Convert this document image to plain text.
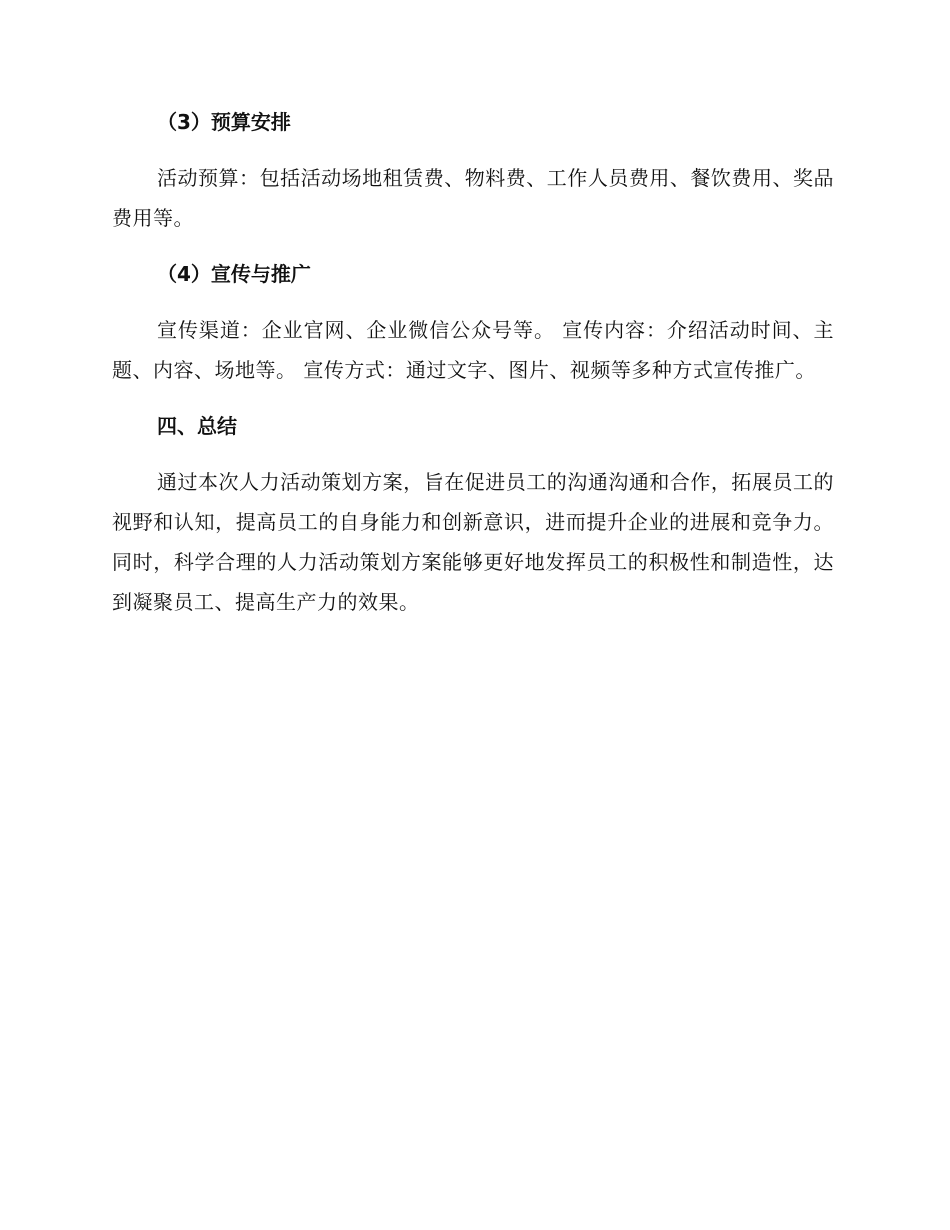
（3）预算安排

活动预算：包括活动场地租赁费、物料费、工作人员费用、餐饮费用、奖品费用等。

（4）宣传与推广

宣传渠道：企业官网、企业微信公众号等。 宣传内容：介绍活动时间、主题、内容、场地等。 宣传方式：通过文字、图片、视频等多种方式宣传推广。

四、总结

通过本次人力活动策划方案，旨在促进员工的沟通沟通和合作，拓展员工的视野和认知，提高员工的自身能力和创新意识，进而提升企业的进展和竞争力。同时，科学合理的人力活动策划方案能够更好地发挥员工的积极性和制造性，达到凝聚员工、提高生产力的效果。
